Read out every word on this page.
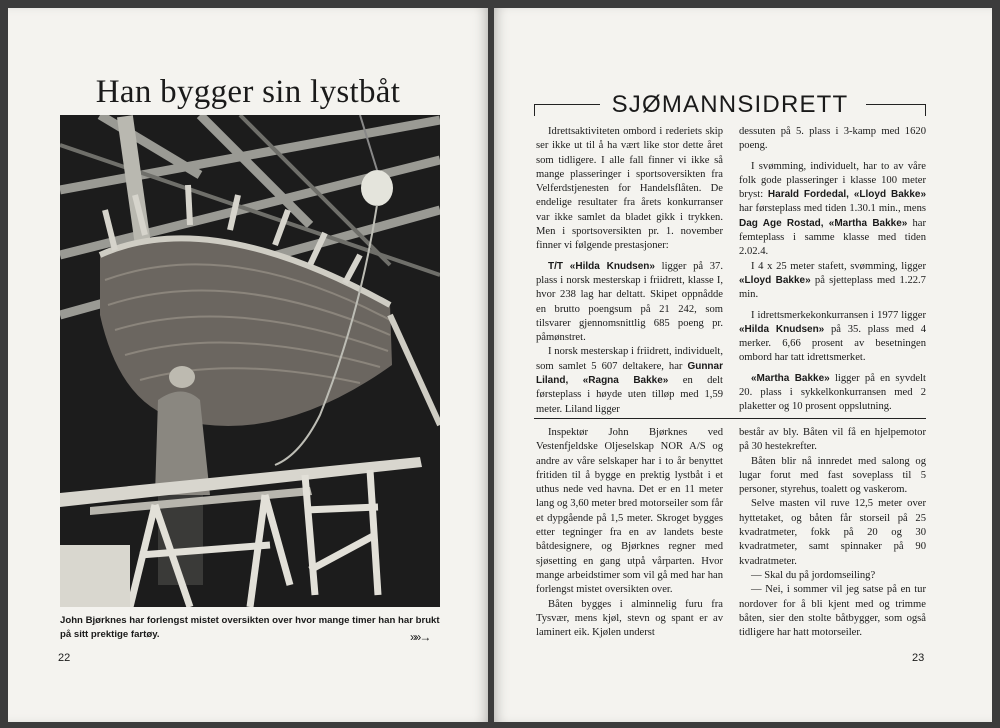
Han bygger sin lystbåt

John Bjørknes har forlengst mistet oversikten over hvor mange timer han har brukt på sitt prektige fartøy.	»»→
22
SJØMANNSIDRETT

Idrettsaktiviteten ombord i rederiets skip ser ikke ut til å ha vært like stor dette året som tidligere. I alle fall finner vi ikke så mange plasseringer i sportsoversikten fra Velferdstjenesten for Handelsflåten. De endelige resultater fra årets konkurranser var ikke samlet da bladet gikk i trykken. Men i sportsoversikten pr. 1. november finner vi følgende prestasjoner:

T/T «Hilda Knudsen» ligger på 37. plass i norsk mesterskap i friidrett, klasse I, hvor 238 lag har deltatt. Skipet oppnådde en brutto poengsum på 21 242, som tilsvarer gjennomsnittlig 685 poeng pr. påmønstret.

I norsk mesterskap i friidrett, individuelt, som samlet 5 607 deltakere, har Gunnar Liland, «Ragna Bakke» en delt førsteplass i høyde uten tilløp med 1,59 meter. Liland ligger

dessuten på 5. plass i 3-kamp med 1620 poeng.

I svømming, individuelt, har to av våre folk gode plasseringer i klasse 100 meter bryst: Harald Fordedal, «Lloyd Bakke» har førsteplass med tiden 1.30.1 min., mens Dag Age Rostad, «Martha Bakke» har femteplass i samme klasse med tiden 2.02.4.

I 4 x 25 meter stafett, svømming, ligger «Lloyd Bakke» på sjetteplass med 1.22.7 min.

I idrettsmerkekonkurransen i 1977 ligger «Hilda Knudsen» på 35. plass med 4 merker. 6,66 prosent av besetningen ombord har tatt idrettsmerket.

«Martha Bakke» ligger på en syvdelt 20. plass i sykkelkonkurransen med 2 plaketter og 10 prosent oppslutning.

Inspektør John Bjørknes ved Vestenfjeldske Oljeselskap NOR A/S og andre av våre selskaper har i to år benyttet fritiden til å bygge en prektig lystbåt i et uthus nede ved havna. Det er en 11 meter lang og 3,60 meter bred motorseiler som får et dypgående på 1,5 meter. Skroget bygges etter tegninger fra en av landets beste båtdesignere, og Bjørknes regner med sjøsetting en gang utpå vårparten. Hvor mange arbeidstimer som vil gå med har han forlengst mistet oversikten over.

Båten bygges i alminnelig furu fra Tysvær, mens kjøl, stevn og spant er av laminert eik. Kjølen underst

består av bly. Båten vil få en hjelpemotor på 30 hestekrefter.

Båten blir nå innredet med salong og lugar forut med fast soveplass til 5 personer, styrehus, toalett og vaskerom.

Selve masten vil ruve 12,5 meter over hyttetaket, og båten får storseil på 25 kvadratmeter, fokk på 20 og 30 kvadratmeter, samt spinnaker på 90 kvadratmeter.

— Skal du på jordomseiling?

— Nei, i sommer vil jeg satse på en tur nordover for å bli kjent med og trimme båten, sier den stolte båtbygger, som også tidligere har hatt motorseiler.

23
